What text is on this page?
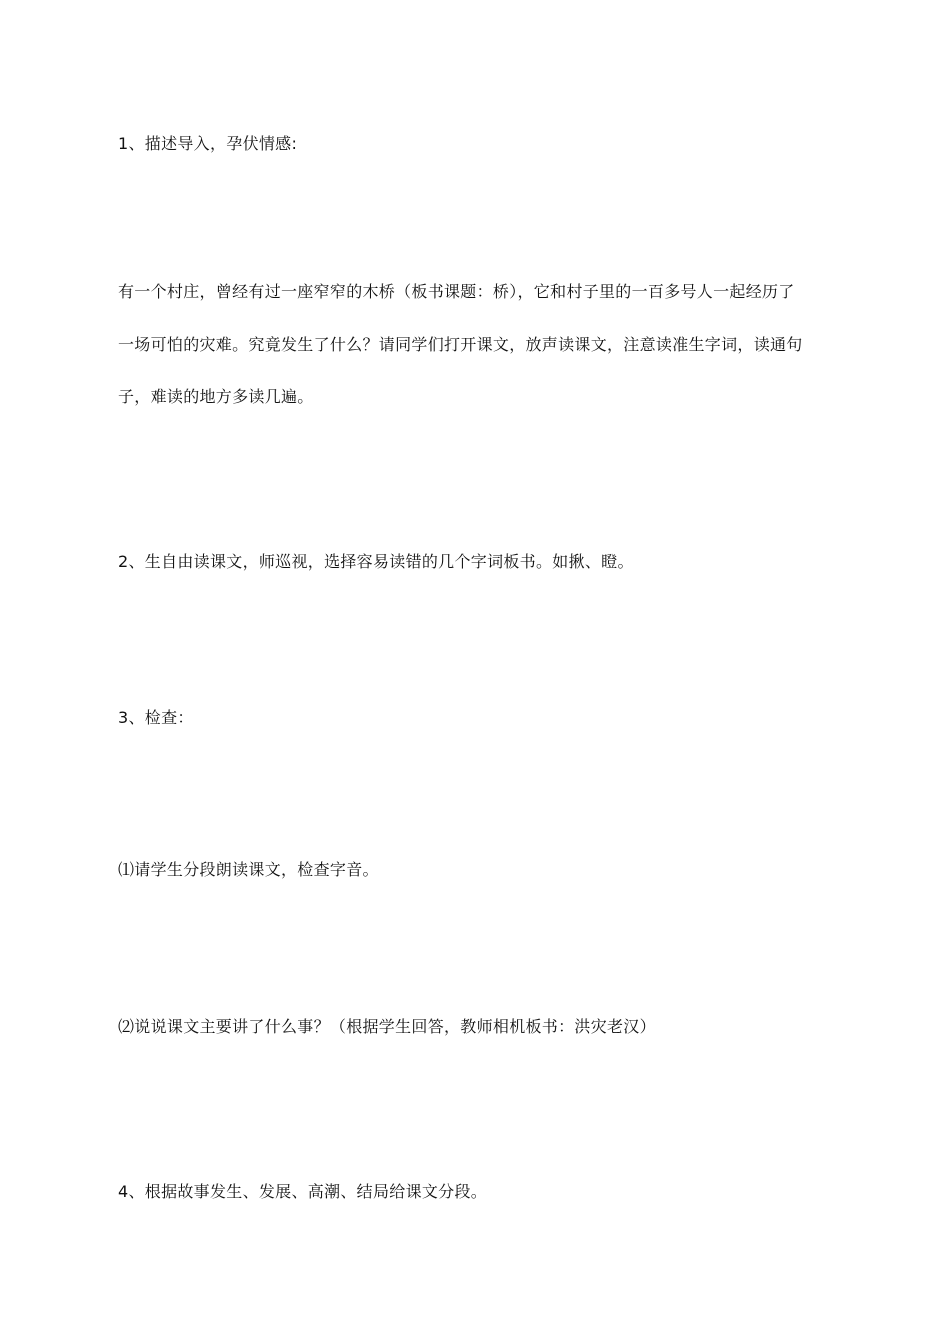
1、描述导入，孕伏情感:
有一个村庄，曾经有过一座窄窄的木桥（板书课题：桥），它和村子里的一百多号人一起经历了
一场可怕的灾难。究竟发生了什么？请同学们打开课文，放声读课文，注意读准生字词，读通句
子，难读的地方多读几遍。
2、生自由读课文，师巡视，选择容易读错的几个字词板书。如揪、瞪。
3、检查：
⑴请学生分段朗读课文，检查字音。
⑵说说课文主要讲了什么事？（根据学生回答，教师相机板书：洪灾老汉）
4、根据故事发生、发展、高潮、结局给课文分段。
